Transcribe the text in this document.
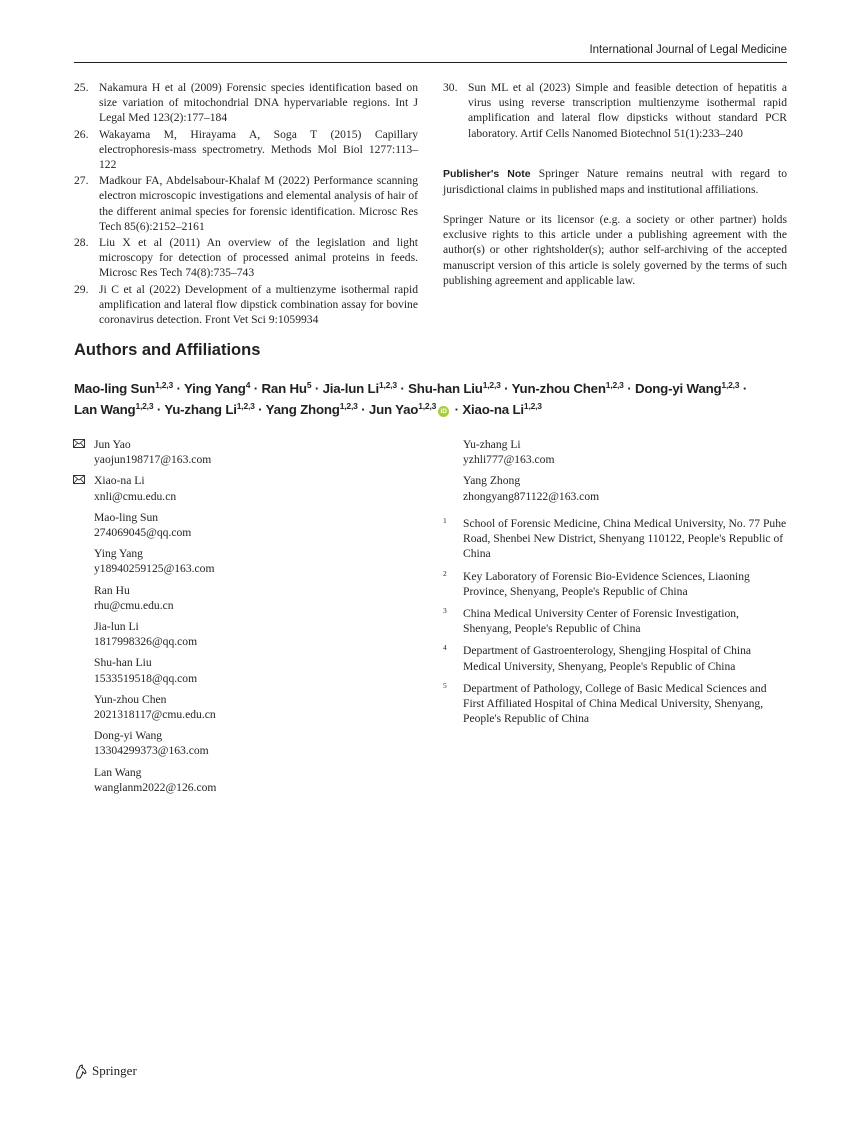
International Journal of Legal Medicine
25. Nakamura H et al (2009) Forensic species identification based on size variation of mitochondrial DNA hypervariable regions. Int J Legal Med 123(2):177–184
26. Wakayama M, Hirayama A, Soga T (2015) Capillary electrophoresis-mass spectrometry. Methods Mol Biol 1277:113–122
27. Madkour FA, Abdelsabour-Khalaf M (2022) Performance scanning electron microscopic investigations and elemental analysis of hair of the different animal species for forensic identification. Microsc Res Tech 85(6):2152–2161
28. Liu X et al (2011) An overview of the legislation and light microscopy for detection of processed animal proteins in feeds. Microsc Res Tech 74(8):735–743
29. Ji C et al (2022) Development of a multienzyme isothermal rapid amplification and lateral flow dipstick combination assay for bovine coronavirus detection. Front Vet Sci 9:1059934
30. Sun ML et al (2023) Simple and feasible detection of hepatitis a virus using reverse transcription multienzyme isothermal rapid amplification and lateral flow dipsticks without standard PCR laboratory. Artif Cells Nanomed Biotechnol 51(1):233–240
Publisher's Note Springer Nature remains neutral with regard to jurisdictional claims in published maps and institutional affiliations.
Springer Nature or its licensor (e.g. a society or other partner) holds exclusive rights to this article under a publishing agreement with the author(s) or other rightsholder(s); author self-archiving of the accepted manuscript version of this article is solely governed by the terms of such publishing agreement and applicable law.
Authors and Affiliations
Mao-ling Sun$^{1,2,3}$ · Ying Yang$^4$ · Ran $Hu^5 \cdot Jia-lun$ Li$^{1,2,3}$ · Shu-han Liu$^{1,2,3}$ · Yun-zhou Chen$^{1,2,3}$ · Dong-yi Wang$^{1,2,3}$ ·
Lan Wang$^{1,2,3}$ · Yu-zhang Li$^{1,2,3}$ · Yang Zhong$^{1,2,3}$ · Jun Yao$^{1,2,3}$iD · Xiao-na Li$^{1,2,3}$
Jun Yao
yaojun198717@163.com
Xiao-na Li
xnli@cmu.edu.cn
Mao-ling Sun
274069045@qq.com
Ying Yang
y18940259125@163.com
Ran Hu
rhu@cmu.edu.cn
Jia-lun Li
1817998326@qq.com
Shu-han Liu
1533519518@qq.com
Yun-zhou Chen
2021318117@cmu.edu.cn
Dong-yi Wang
13304299373@163.com
Lan Wang
wanglanm2022@126.com
Yu-zhang Li
yzhli777@163.com
Yang Zhong
zhongyang871122@163.com
1 School of Forensic Medicine, China Medical University, No. 77 Puhe Road, Shenbei New District, Shenyang 110122, People's Republic of China
2 Key Laboratory of Forensic Bio-Evidence Sciences, Liaoning Province, Shenyang, People's Republic of China
3 China Medical University Center of Forensic Investigation, Shenyang, People's Republic of China
4 Department of Gastroenterology, Shengjing Hospital of China Medical University, Shenyang, People's Republic of China
5 Department of Pathology, College of Basic Medical Sciences and First Affiliated Hospital of China Medical University, Shenyang, People's Republic of China
Springer
